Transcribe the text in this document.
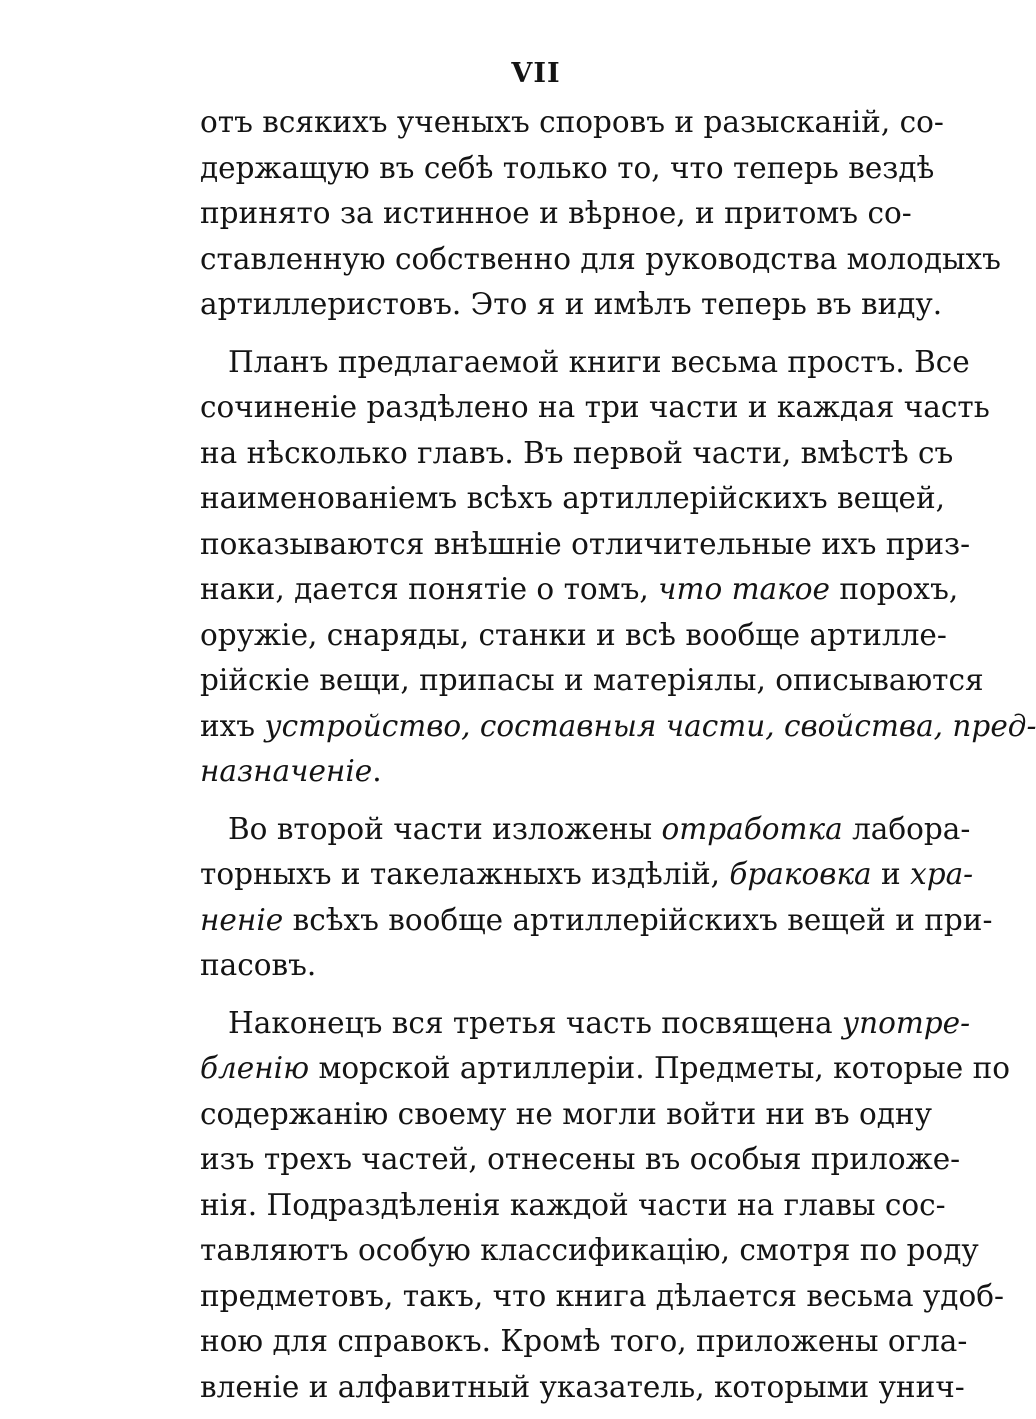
VII
отъ всякихъ ученыхъ споровъ и разысканій, со-
держащую въ себѣ только то, что теперь вездѣ
принято за истинное и вѣрное, и притомъ со-
ставленную собственно для руководства молодыхъ
артиллеристовъ. Это я и имѣлъ теперь въ виду.
Планъ предлагаемой книги весьма простъ. Все
сочиненіе раздѣлено на три части и каждая часть
на нѣсколько главъ. Въ первой части, вмѣстѣ съ
наименованіемъ всѣхъ артиллерійскихъ вещей,
показываются внѣшніе отличительные ихъ приз-
наки, дается понятіе о томъ, что такое порохъ,
оружіе, снаряды, станки и всѣ вообще артилле-
рійскіе вещи, припасы и матеріялы, описываются
ихъ устройство, составныя части, свойства, пред-
назначеніе.
Во второй части изложены отработка лабора-
торныхъ и такелажныхъ издѣлій, браковка и хра-
неніе всѣхъ вообще артиллерійскихъ вещей и при-
пасовъ.
Наконецъ вся третья часть посвящена употре-
бленію морской артиллеріи. Предметы, которые по
содержанію своему не могли войти ни въ одну
изъ трехъ частей, отнесены въ особыя приложе-
нія. Подраздѣленія каждой части на главы сос-
тавляютъ особую классификацію, смотря по роду
предметовъ, такъ, что книга дѣлается весьма удоб-
ною для справокъ. Кромѣ того, приложены огла-
вленіе и алфавитный указатель, которыми унич-
